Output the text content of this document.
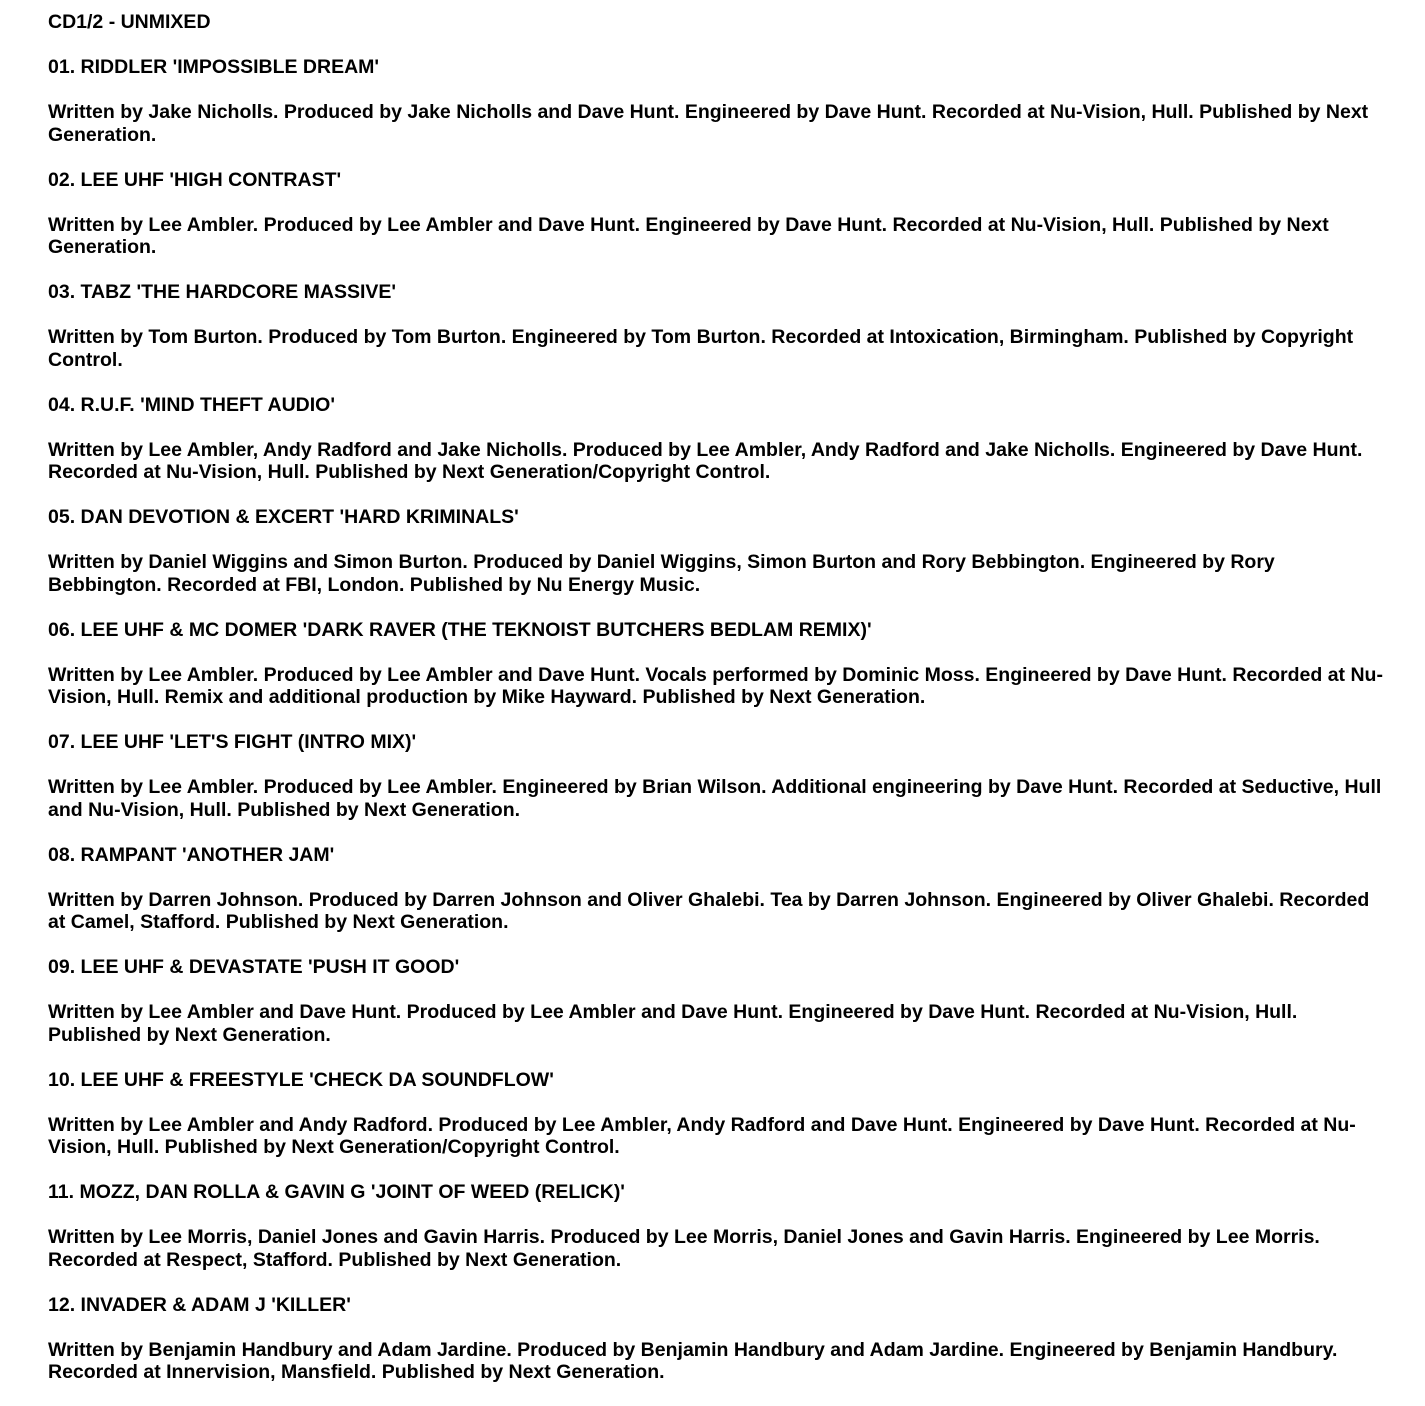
CD1/2 - UNMIXED
01. RIDDLER 'IMPOSSIBLE DREAM'
Written by Jake Nicholls. Produced by Jake Nicholls and Dave Hunt. Engineered by Dave Hunt. Recorded at Nu-Vision, Hull. Published by Next Generation.
02. LEE UHF 'HIGH CONTRAST'
Written by Lee Ambler. Produced by Lee Ambler and Dave Hunt. Engineered by Dave Hunt. Recorded at Nu-Vision, Hull. Published by Next Generation.
03. TABZ 'THE HARDCORE MASSIVE'
Written by Tom Burton. Produced by Tom Burton. Engineered by Tom Burton. Recorded at Intoxication, Birmingham. Published by Copyright Control.
04. R.U.F. 'MIND THEFT AUDIO'
Written by Lee Ambler, Andy Radford and Jake Nicholls. Produced by Lee Ambler, Andy Radford and Jake Nicholls. Engineered by Dave Hunt. Recorded at Nu-Vision, Hull. Published by Next Generation/Copyright Control.
05. DAN DEVOTION & EXCERT 'HARD KRIMINALS'
Written by Daniel Wiggins and Simon Burton. Produced by Daniel Wiggins, Simon Burton and Rory Bebbington. Engineered by Rory Bebbington. Recorded at FBI, London. Published by Nu Energy Music.
06. LEE UHF & MC DOMER 'DARK RAVER (THE TEKNOIST BUTCHERS BEDLAM REMIX)'
Written by Lee Ambler. Produced by Lee Ambler and Dave Hunt. Vocals performed by Dominic Moss. Engineered by Dave Hunt. Recorded at Nu-Vision, Hull. Remix and additional production by Mike Hayward. Published by Next Generation.
07. LEE UHF 'LET'S FIGHT (INTRO MIX)'
Written by Lee Ambler. Produced by Lee Ambler. Engineered by Brian Wilson. Additional engineering by Dave Hunt. Recorded at Seductive, Hull and Nu-Vision, Hull. Published by Next Generation.
08. RAMPANT 'ANOTHER JAM'
Written by Darren Johnson. Produced by Darren Johnson and Oliver Ghalebi. Tea by Darren Johnson. Engineered by Oliver Ghalebi. Recorded at Camel, Stafford. Published by Next Generation.
09. LEE UHF & DEVASTATE 'PUSH IT GOOD'
Written by Lee Ambler and Dave Hunt. Produced by Lee Ambler and Dave Hunt. Engineered by Dave Hunt. Recorded at Nu-Vision, Hull. Published by Next Generation.
10. LEE UHF & FREESTYLE 'CHECK DA SOUNDFLOW'
Written by Lee Ambler and Andy Radford. Produced by Lee Ambler, Andy Radford and Dave Hunt. Engineered by Dave Hunt. Recorded at Nu-Vision, Hull. Published by Next Generation/Copyright Control.
11. MOZZ, DAN ROLLA & GAVIN G 'JOINT OF WEED (RELICK)'
Written by Lee Morris, Daniel Jones and Gavin Harris. Produced by Lee Morris, Daniel Jones and Gavin Harris. Engineered by Lee Morris. Recorded at Respect, Stafford. Published by Next Generation.
12. INVADER & ADAM J 'KILLER'
Written by Benjamin Handbury and Adam Jardine. Produced by Benjamin Handbury and Adam Jardine. Engineered by Benjamin Handbury. Recorded at Innervision, Mansfield. Published by Next Generation.
